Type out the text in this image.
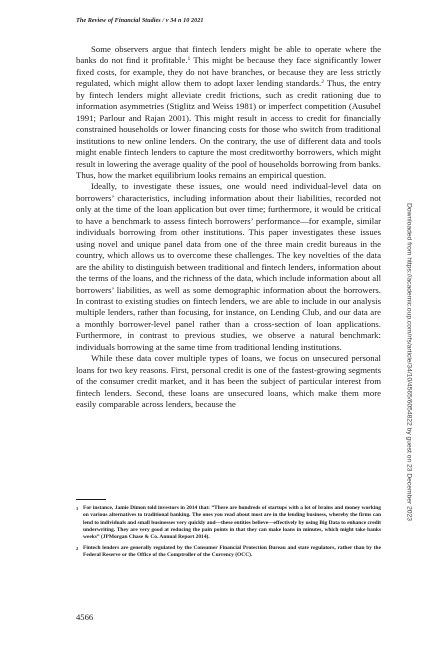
The Review of Financial Studies / v 34 n 10 2021

Some observers argue that fintech lenders might be able to operate where the banks do not find it profitable.$^1$ This might be because they face significantly lower fixed costs, for example, they do not have branches, or because they are less strictly regulated, which might allow them to adopt laxer lending standards.$^2$ Thus, the entry by fintech lenders might alleviate credit frictions, such as credit rationing due to information asymmetries (Stiglitz and Weiss 1981) or imperfect competition (Ausubel 1991; Parlour and Rajan 2001). This might result in access to credit for financially constrained households or lower financing costs for those who switch from traditional institutions to new online lenders. On the contrary, the use of different data and tools might enable fintech lenders to capture the most creditworthy borrowers, which might result in lowering the average quality of the pool of households borrowing from banks. Thus, how the market equilibrium looks remains an empirical question.

Ideally, to investigate these issues, one would need individual-level data on borrowers’ characteristics, including information about their liabilities, recorded not only at the time of the loan application but over time; furthermore, it would be critical to have a benchmark to assess fintech borrowers’ performance—for example, similar individuals borrowing from other institutions. This paper investigates these issues using novel and unique panel data from one of the three main credit bureaus in the country, which allows us to overcome these challenges. The key novelties of the data are the ability to distinguish between traditional and fintech lenders, information about the terms of the loans, and the richness of the data, which include information about all borrowers’ liabilities, as well as some demographic information about the borrowers. In contrast to existing studies on fintech lenders, we are able to include in our analysis multiple lenders, rather than focusing, for instance, on Lending Club, and our data are a monthly borrower-level panel rather than a cross-section of loan applications. Furthermore, in contrast to previous studies, we observe a natural benchmark: individuals borrowing at the same time from traditional lending institutions.

While these data cover multiple types of loans, we focus on unsecured personal loans for two key reasons. First, personal credit is one of the fastest-growing segments of the consumer credit market, and it has been the subject of particular interest from fintech lenders. Second, these loans are unsecured loans, which make them more easily comparable across lenders, because the

1 For instance, Jamie Dimon told investors in 2014 that: “There are hundreds of startups with a lot of brains and money working on various alternatives to traditional banking. The ones you read about most are in the lending business, whereby the firms can lend to individuals and small businesses very quickly and—these entities believe—effectively by using Big Data to enhance credit underwriting. They are very good at reducing the pain points in that they can make loans in minutes, which might take banks weeks” (JPMorgan Chase & Co. Annual Report 2014).
2 Fintech lenders are generally regulated by the Consumer Financial Protection Bureau and state regulators, rather than by the Federal Reserve or the Office of the Comptroller of the Currency (OCC).
4566
Downloaded from https://academic.oup.com/rfs/article/34/10/4565/6054822 by guest on 23 December 2023
